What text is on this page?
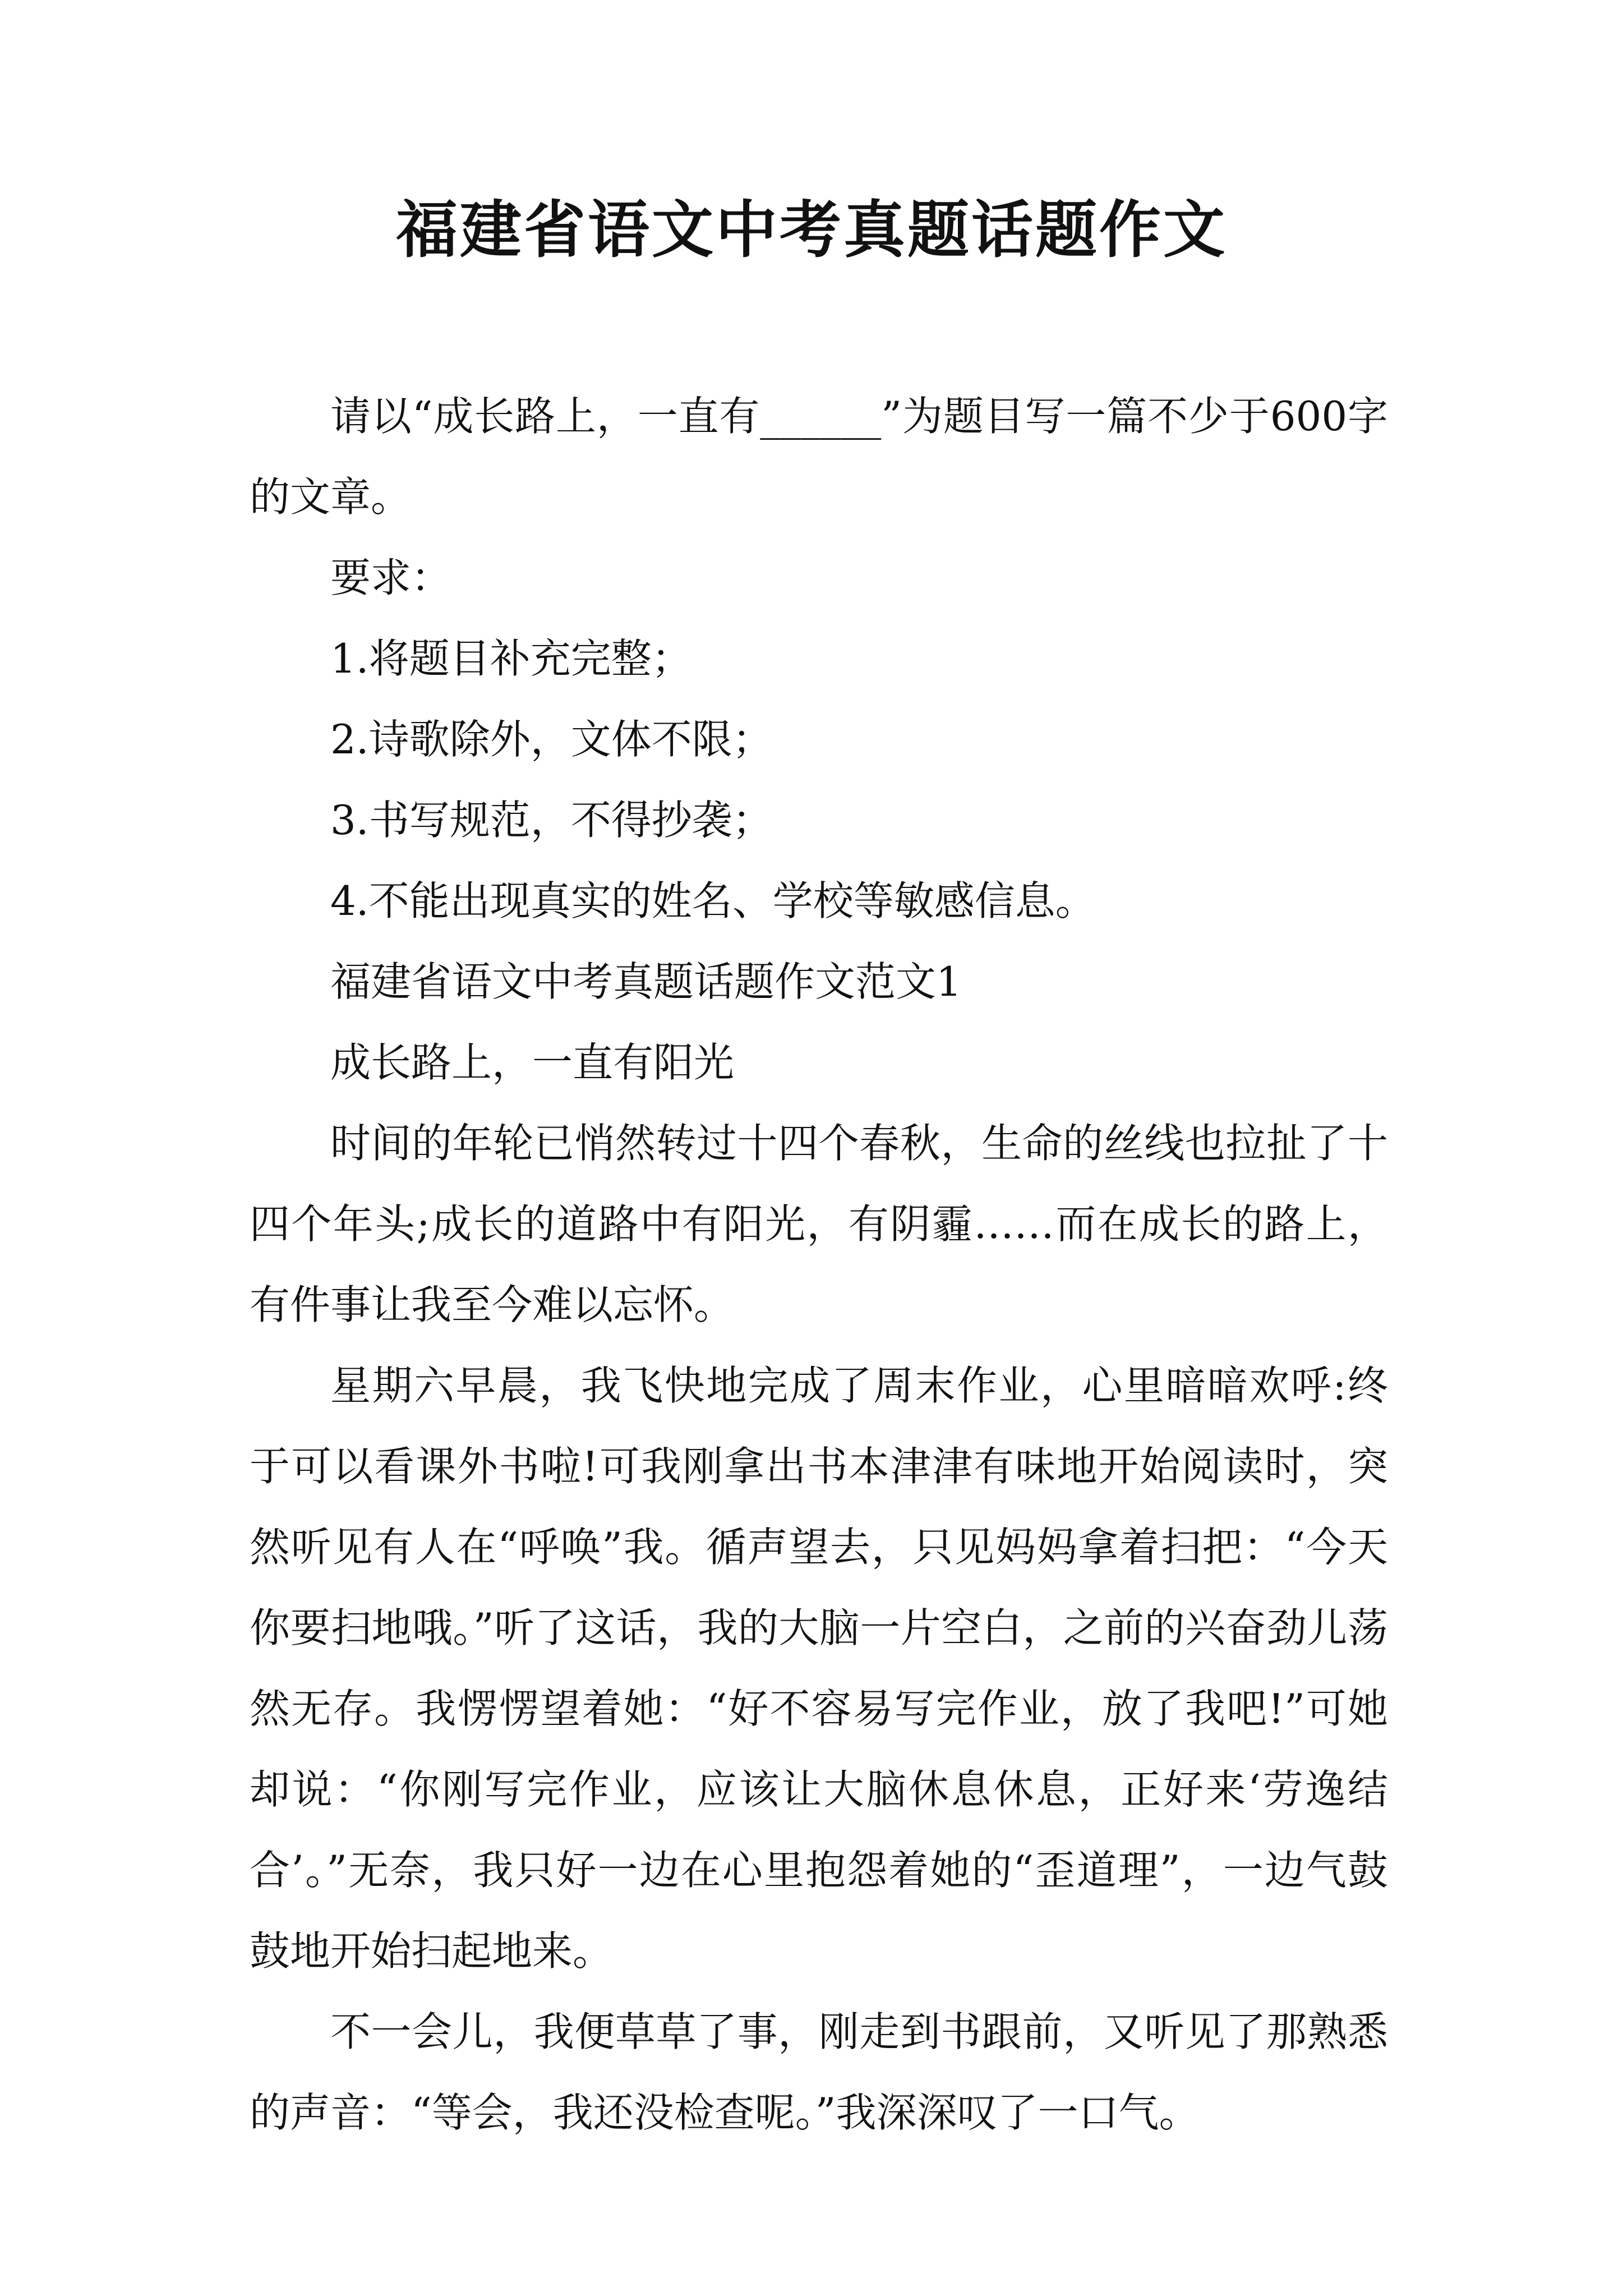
福建省语文中考真题话题作文

请以“成长路上，一直有______”为题目写一篇不少于600字的文章。

要求：

1.将题目补充完整；

2.诗歌除外，文体不限；

3.书写规范，不得抄袭；

4.不能出现真实的姓名、学校等敏感信息。

福建省语文中考真题话题作文范文1

成长路上，一直有阳光

时间的年轮已悄然转过十四个春秋，生命的丝线也拉扯了十四个年头;成长的道路中有阳光，有阴霾……而在成长的路上，有件事让我至今难以忘怀。

星期六早晨，我飞快地完成了周末作业，心里暗暗欢呼:终于可以看课外书啦!可我刚拿出书本津津有味地开始阅读时，突然听见有人在“呼唤”我。循声望去，只见妈妈拿着扫把：“今天你要扫地哦。”听了这话，我的大脑一片空白，之前的兴奋劲儿荡然无存。我愣愣望着她：“好不容易写完作业，放了我吧!”可她却说：“你刚写完作业，应该让大脑休息休息，正好来‘劳逸结合’。”无奈，我只好一边在心里抱怨着她的“歪道理”，一边气鼓鼓地开始扫起地来。

不一会儿，我便草草了事，刚走到书跟前，又听见了那熟悉的声音：“等会，我还没检查呢。”我深深叹了一口气。
